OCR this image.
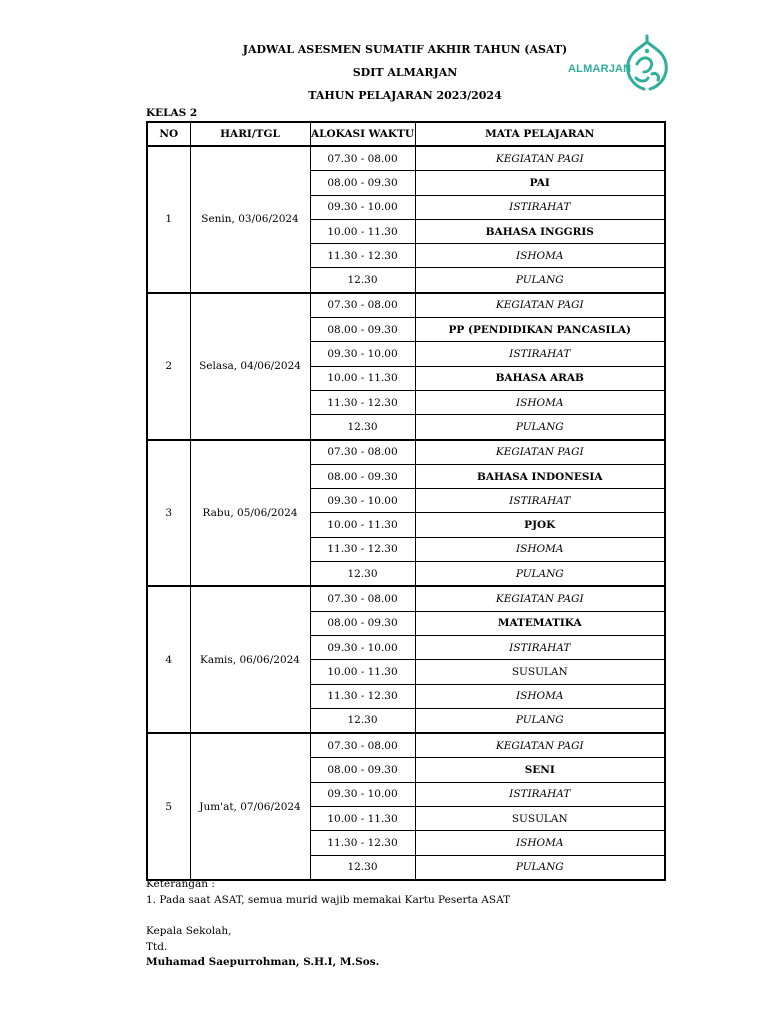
JADWAL ASESMEN SUMATIF AKHIR TAHUN (ASAT)
SDIT ALMARJAN
TAHUN PELAJARAN 2023/2024
ALMARJAN
KELAS 2
NO	HARI/TGL	ALOKASI WAKTU	MATA PELAJARAN
1	Senin, 03/06/2024	07.30 - 08.00	KEGIATAN PAGI
		08.00 - 09.30	PAI
		09.30 - 10.00	ISTIRAHAT
		10.00 - 11.30	BAHASA INGGRIS
		11.30 - 12.30	ISHOMA
		12.30	PULANG
2	Selasa, 04/06/2024	07.30 - 08.00	KEGIATAN PAGI
		08.00 - 09.30	PP (PENDIDIKAN PANCASILA)
		09.30 - 10.00	ISTIRAHAT
		10.00 - 11.30	BAHASA ARAB
		11.30 - 12.30	ISHOMA
		12.30	PULANG
3	Rabu, 05/06/2024	07.30 - 08.00	KEGIATAN PAGI
		08.00 - 09.30	BAHASA INDONESIA
		09.30 - 10.00	ISTIRAHAT
		10.00 - 11.30	PJOK
		11.30 - 12.30	ISHOMA
		12.30	PULANG
4	Kamis, 06/06/2024	07.30 - 08.00	KEGIATAN PAGI
		08.00 - 09.30	MATEMATIKA
		09.30 - 10.00	ISTIRAHAT
		10.00 - 11.30	SUSULAN
		11.30 - 12.30	ISHOMA
		12.30	PULANG
5	Jum'at, 07/06/2024	07.30 - 08.00	KEGIATAN PAGI
		08.00 - 09.30	SENI
		09.30 - 10.00	ISTIRAHAT
		10.00 - 11.30	SUSULAN
		11.30 - 12.30	ISHOMA
		12.30	PULANG
Keterangan :
1. Pada saat ASAT, semua murid wajib memakai Kartu Peserta ASAT
Kepala Sekolah,
Ttd.
Muhamad Saepurrohman, S.H.I, M.Sos.
